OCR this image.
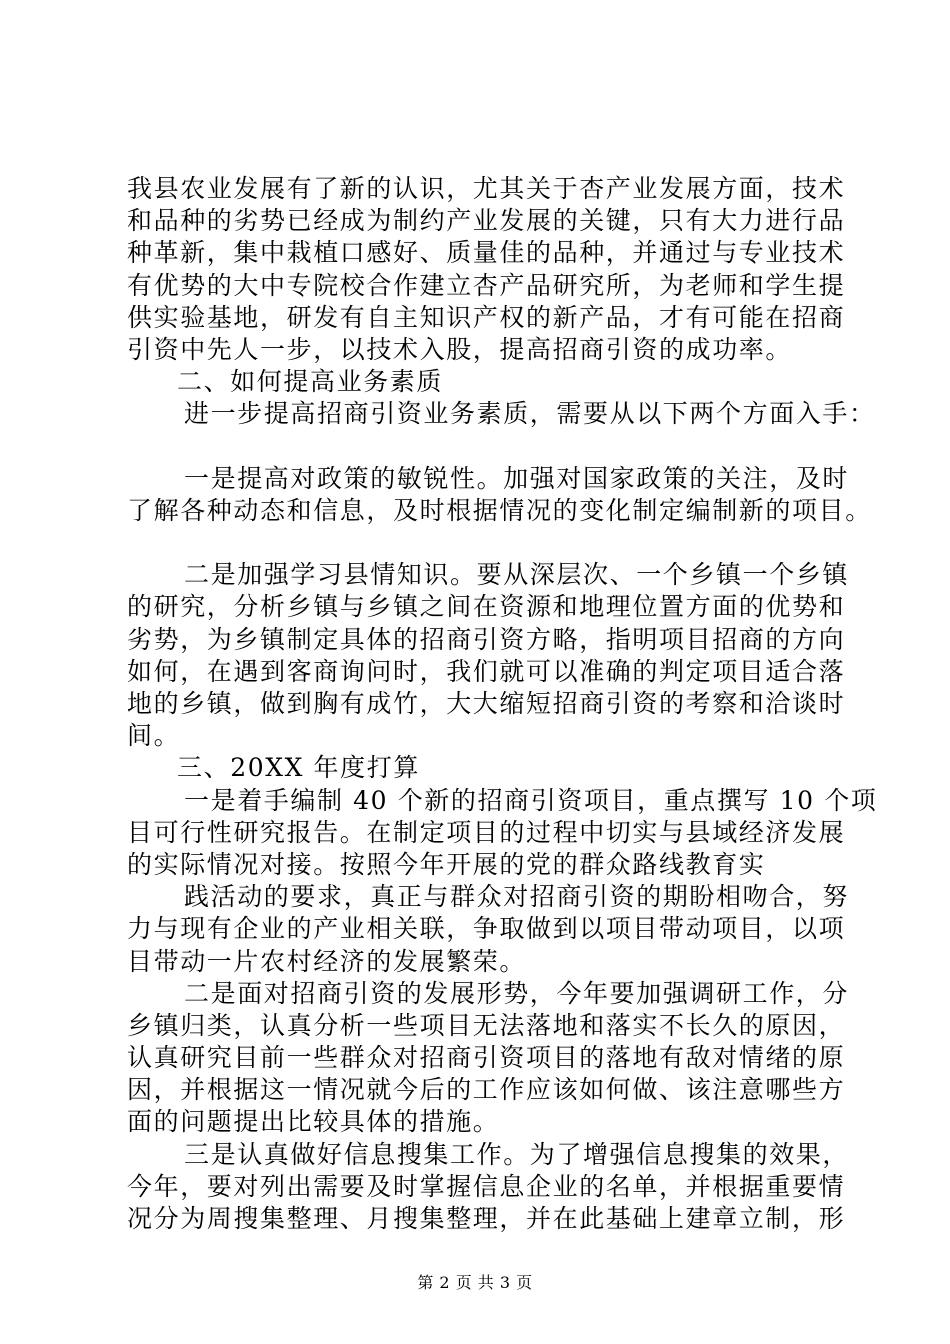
我县农业发展有了新的认识，尤其关于杏产业发展方面，技术
和品种的劣势已经成为制约产业发展的关键，只有大力进行品
种革新，集中栽植口感好、质量佳的品种，并通过与专业技术
有优势的大中专院校合作建立杏产品研究所，为老师和学生提
供实验基地，研发有自主知识产权的新产品，才有可能在招商
引资中先人一步，以技术入股，提高招商引资的成功率。
二、如何提高业务素质
进一步提高招商引资业务素质，需要从以下两个方面入手：
一是提高对政策的敏锐性。加强对国家政策的关注，及时
了解各种动态和信息，及时根据情况的变化制定编制新的项目。
二是加强学习县情知识。要从深层次、一个乡镇一个乡镇
的研究，分析乡镇与乡镇之间在资源和地理位置方面的优势和
劣势，为乡镇制定具体的招商引资方略，指明项目招商的方向
如何，在遇到客商询问时，我们就可以准确的判定项目适合落
地的乡镇，做到胸有成竹，大大缩短招商引资的考察和洽谈时
间。
三、20XX 年度打算
一是着手编制 40 个新的招商引资项目，重点撰写 10 个项
目可行性研究报告。在制定项目的过程中切实与县域经济发展
的实际情况对接。按照今年开展的党的群众路线教育实
践活动的要求，真正与群众对招商引资的期盼相吻合，努
力与现有企业的产业相关联，争取做到以项目带动项目，以项
目带动一片农村经济的发展繁荣。
二是面对招商引资的发展形势，今年要加强调研工作，分
乡镇归类，认真分析一些项目无法落地和落实不长久的原因，
认真研究目前一些群众对招商引资项目的落地有敌对情绪的原
因，并根据这一情况就今后的工作应该如何做、该注意哪些方
面的问题提出比较具体的措施。
三是认真做好信息搜集工作。为了增强信息搜集的效果，
今年，要对列出需要及时掌握信息企业的名单，并根据重要情
况分为周搜集整理、月搜集整理，并在此基础上建章立制，形
第 2 页 共 3 页
